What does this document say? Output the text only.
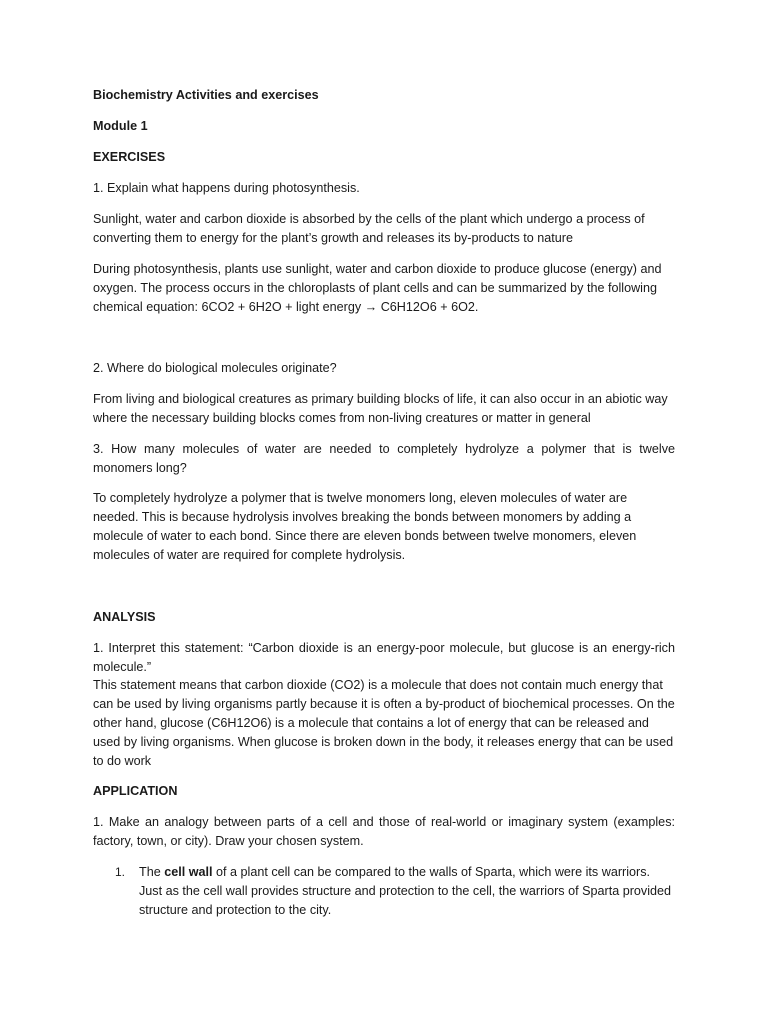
Biochemistry Activities and exercises

Module 1

EXERCISES

1. Explain what happens during photosynthesis.

Sunlight, water and carbon dioxide is absorbed by the cells of the plant which undergo a process of converting them to energy for the plant’s growth and releases its by-products to nature

During photosynthesis, plants use sunlight, water and carbon dioxide to produce glucose (energy) and oxygen. The process occurs in the chloroplasts of plant cells and can be summarized by the following chemical equation: 6CO2 + 6H2O + light energy → C6H12O6 + 6O2.

2. Where do biological molecules originate?

From living and biological creatures as primary building blocks of life, it can also occur in an abiotic way where the necessary building blocks comes from non-living creatures or matter in general

3. How many molecules of water are needed to completely hydrolyze a polymer that is twelve monomers long?

To completely hydrolyze a polymer that is twelve monomers long, eleven molecules of water are needed. This is because hydrolysis involves breaking the bonds between monomers by adding a molecule of water to each bond. Since there are eleven bonds between twelve monomers, eleven molecules of water are required for complete hydrolysis.

ANALYSIS

1. Interpret this statement: “Carbon dioxide is an energy-poor molecule, but glucose is an energy-rich molecule.”

This statement means that carbon dioxide (CO2) is a molecule that does not contain much energy that can be used by living organisms partly because it is often a by-product of biochemical processes. On the other hand, glucose (C6H12O6) is a molecule that contains a lot of energy that can be released and used by living organisms. When glucose is broken down in the body, it releases energy that can be used to do work

APPLICATION

1. Make an analogy between parts of a cell and those of real-world or imaginary system (examples: factory, town, or city). Draw your chosen system.

1. The cell wall of a plant cell can be compared to the walls of Sparta, which were its warriors. Just as the cell wall provides structure and protection to the cell, the warriors of Sparta provided structure and protection to the city.
